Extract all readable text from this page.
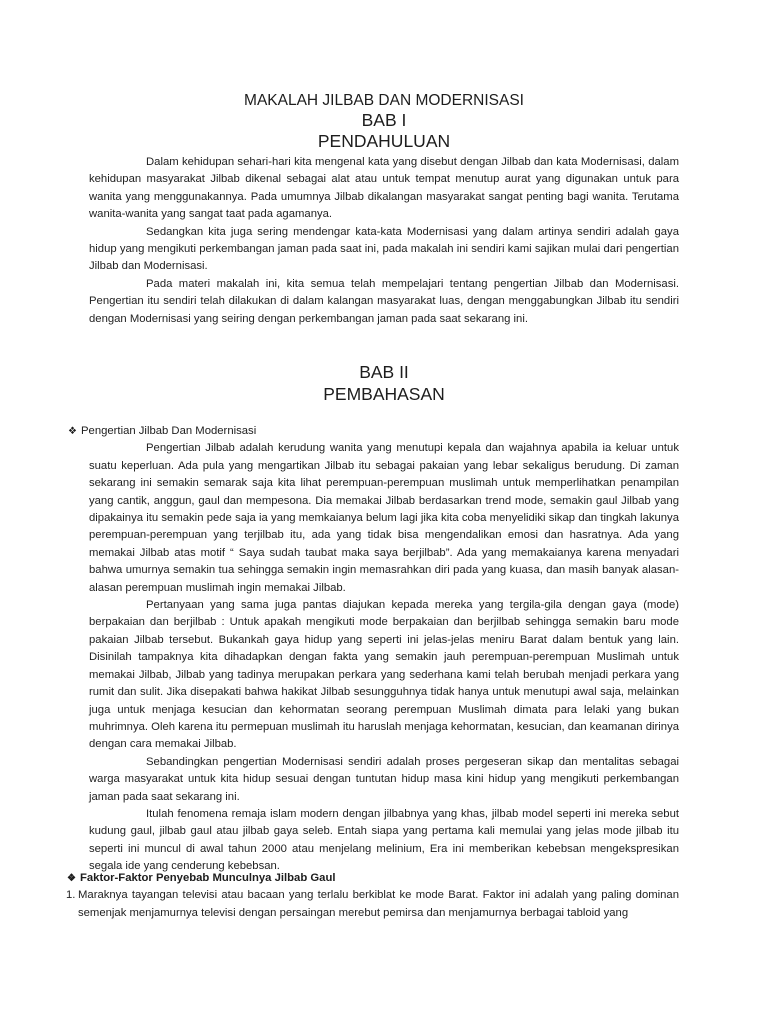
MAKALAH JILBAB DAN MODERNISASI
BAB I
PENDAHULUAN

Dalam kehidupan sehari-hari kita mengenal kata yang disebut dengan Jilbab dan kata Modernisasi, dalam kehidupan masyarakat Jilbab dikenal sebagai alat atau untuk tempat menutup aurat yang digunakan untuk para wanita yang menggunakannya. Pada umumnya Jilbab dikalangan masyarakat sangat penting bagi wanita. Terutama wanita-wanita yang sangat taat pada agamanya.

Sedangkan kita juga sering mendengar kata-kata Modernisasi yang dalam artinya sendiri adalah gaya hidup yang mengikuti perkembangan jaman pada saat ini, pada makalah ini sendiri kami sajikan mulai dari pengertian Jilbab dan Modernisasi.

Pada materi makalah ini, kita semua telah mempelajari tentang pengertian Jilbab dan Modernisasi. Pengertian itu sendiri telah dilakukan di dalam kalangan masyarakat luas, dengan menggabungkan Jilbab itu sendiri dengan Modernisasi yang seiring dengan perkembangan jaman pada saat sekarang ini.

BAB II
PEMBAHASAN
❖ Pengertian Jilbab Dan Modernisasi

Pengertian Jilbab adalah kerudung wanita yang menutupi kepala dan wajahnya apabila ia keluar untuk suatu keperluan. Ada pula yang mengartikan Jilbab itu sebagai pakaian yang lebar sekaligus berudung. Di zaman sekarang ini semakin semarak saja kita lihat perempuan-perempuan muslimah untuk memperlihatkan penampilan yang cantik, anggun, gaul dan mempesona. Dia memakai Jilbab berdasarkan trend mode, semakin gaul Jilbab yang dipakainya itu semakin pede saja ia yang memkaianya belum lagi jika kita coba menyelidiki sikap dan tingkah lakunya perempuan-perempuan yang terjilbab itu, ada yang tidak bisa mengendalikan emosi dan hasratnya. Ada yang memakai Jilbab atas motif “ Saya sudah taubat maka saya berjilbab”. Ada yang memakaianya karena menyadari bahwa umurnya semakin tua sehingga semakin ingin memasrahkan diri pada yang kuasa, dan masih banyak alasan-alasan perempuan muslimah ingin memakai Jilbab.

Pertanyaan yang sama juga pantas diajukan kepada mereka yang tergila-gila dengan gaya (mode) berpakaian dan berjilbab : Untuk apakah mengikuti mode berpakaian dan berjilbab sehingga semakin baru mode pakaian Jilbab tersebut. Bukankah gaya hidup yang seperti ini jelas-jelas meniru Barat dalam bentuk yang lain. Disinilah tampaknya kita dihadapkan dengan fakta yang semakin jauh perempuan-perempuan Muslimah untuk memakai Jilbab, Jilbab yang tadinya merupakan perkara yang sederhana kami telah berubah menjadi perkara yang rumit dan sulit. Jika disepakati bahwa hakikat Jilbab sesungguhnya tidak hanya untuk menutupi awal saja, melainkan juga untuk menjaga kesucian dan kehormatan seorang perempuan Muslimah dimata para lelaki yang bukan muhrimnya. Oleh karena itu permepuan muslimah itu haruslah menjaga kehormatan, kesucian, dan keamanan dirinya dengan cara memakai Jilbab.

Sebandingkan pengertian Modernisasi sendiri adalah proses pergeseran sikap dan mentalitas sebagai warga masyarakat untuk kita hidup sesuai dengan tuntutan hidup masa kini hidup yang mengikuti perkembangan jaman pada saat sekarang ini.

Itulah fenomena remaja islam modern dengan jilbabnya yang khas, jilbab model seperti ini mereka sebut kudung gaul, jilbab gaul atau jilbab gaya seleb. Entah siapa yang pertama kali memulai yang jelas mode jilbab itu seperti ini muncul di awal tahun 2000 atau menjelang melinium, Era ini memberikan kebebsan mengekspresikan segala ide yang cenderung kebebsan.

❖ Faktor-Faktor Penyebab Munculnya Jilbab Gaul
1. Maraknya tayangan televisi atau bacaan yang terlalu berkiblat ke mode Barat. Faktor ini adalah yang paling dominan semenjak menjamurnya televisi dengan persaingan merebut pemirsa dan menjamurnya berbagai tabloid yang
